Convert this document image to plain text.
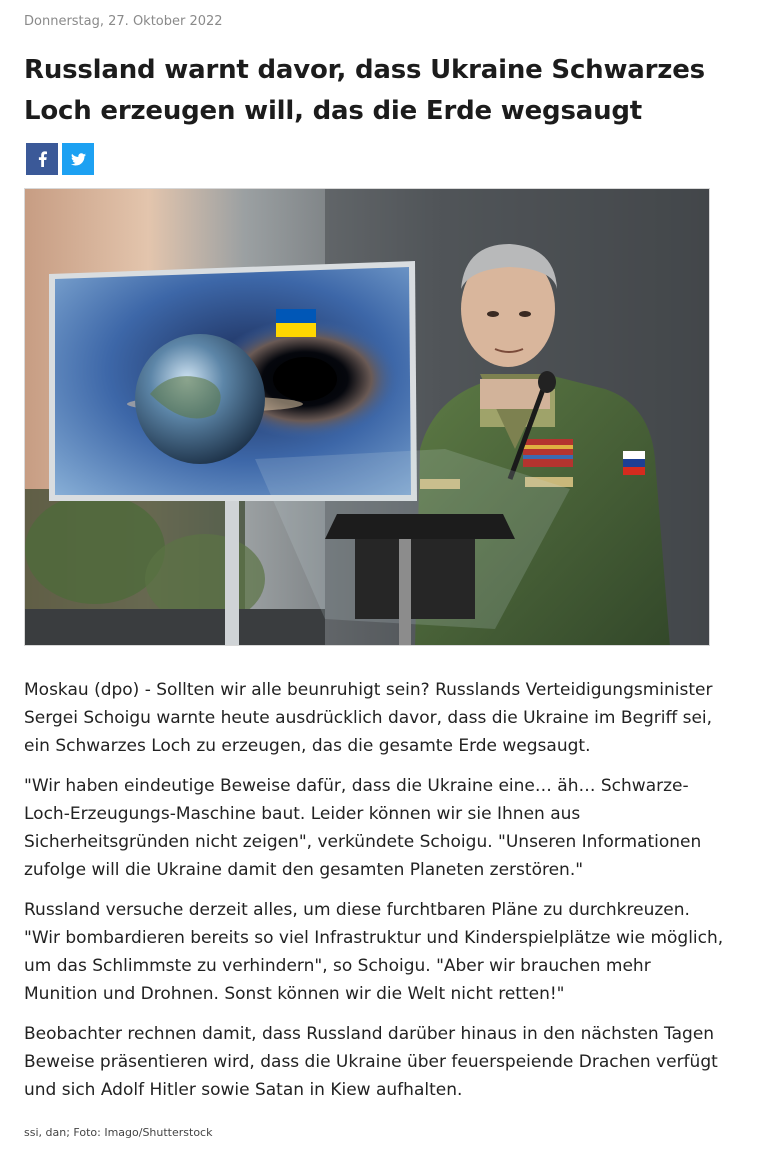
Donnerstag, 27. Oktober 2022
Russland warnt davor, dass Ukraine Schwarzes Loch erzeugen will, das die Erde wegsaugt

Moskau (dpo) - Sollten wir alle beunruhigt sein? Russlands Verteidigungsminister Sergei Schoigu warnte heute ausdrücklich davor, dass die Ukraine im Begriff sei, ein Schwarzes Loch zu erzeugen, das die gesamte Erde wegsaugt.

"Wir haben eindeutige Beweise dafür, dass die Ukraine eine… äh… Schwarze-Loch-Erzeugungs-Maschine baut. Leider können wir sie Ihnen aus Sicherheitsgründen nicht zeigen", verkündete Schoigu. "Unseren Informationen zufolge will die Ukraine damit den gesamten Planeten zerstören."

Russland versuche derzeit alles, um diese furchtbaren Pläne zu durchkreuzen. "Wir bombardieren bereits so viel Infrastruktur und Kinderspielplätze wie möglich, um das Schlimmste zu verhindern", so Schoigu. "Aber wir brauchen mehr Munition und Drohnen. Sonst können wir die Welt nicht retten!"

Beobachter rechnen damit, dass Russland darüber hinaus in den nächsten Tagen Beweise präsentieren wird, dass die Ukraine über feuerspeiende Drachen verfügt und sich Adolf Hitler sowie Satan in Kiew aufhalten.

ssi, dan; Foto: Imago/Shutterstock
